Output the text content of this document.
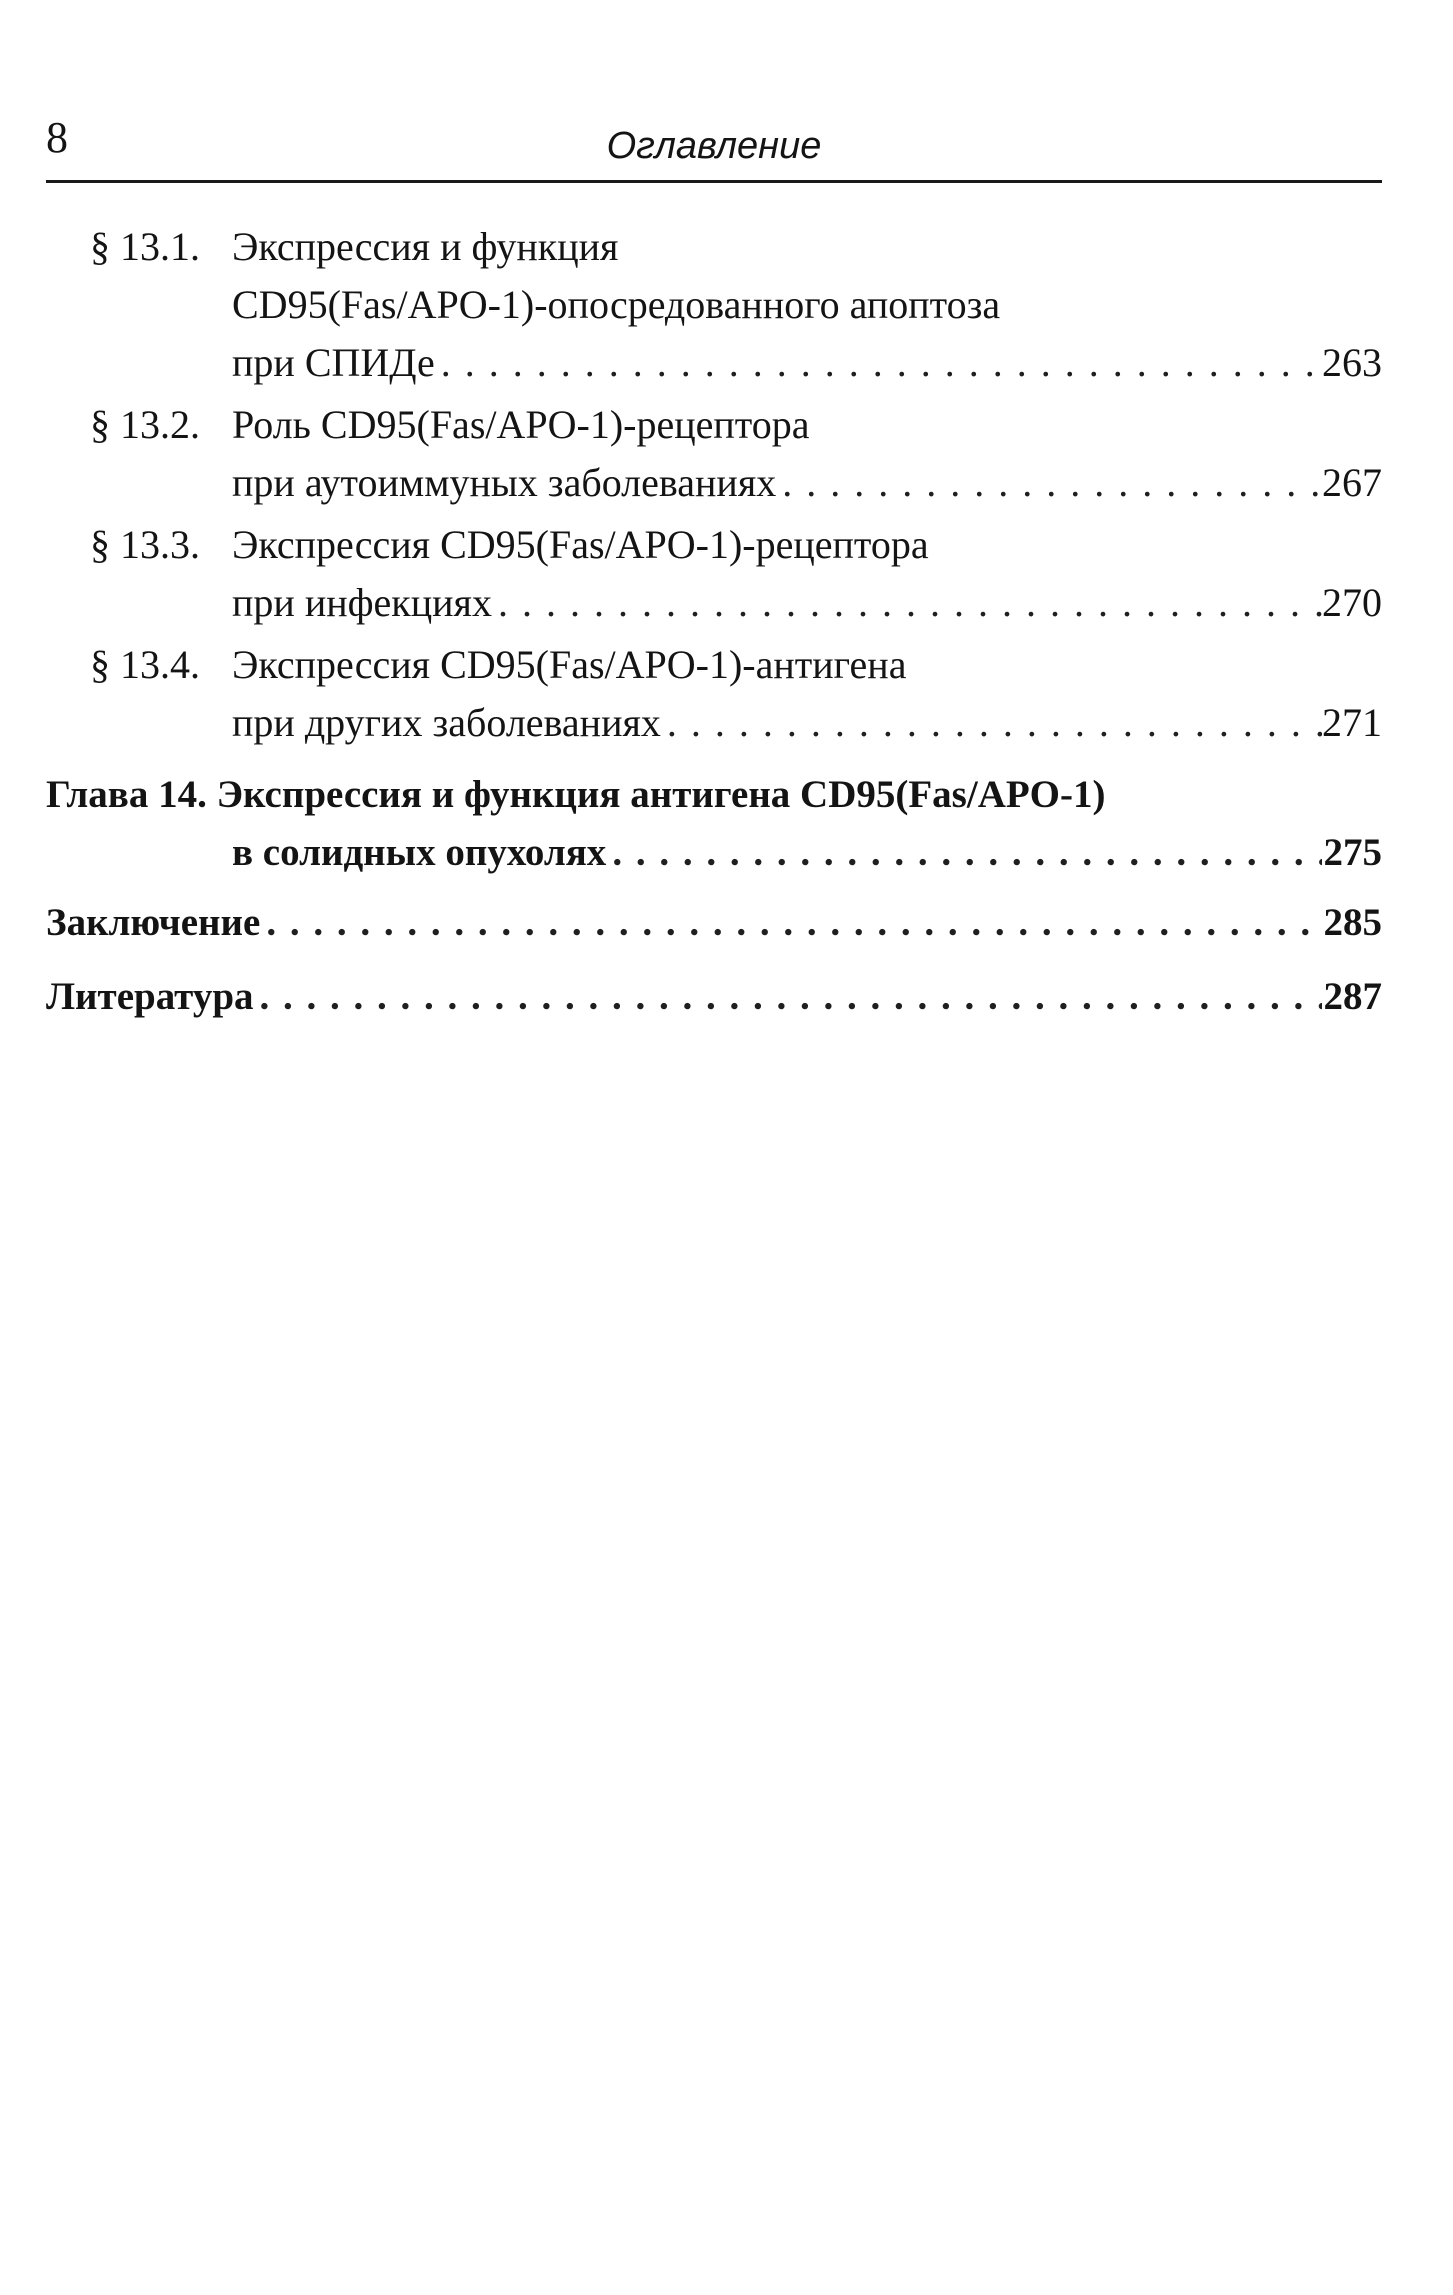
8	Оглавление
§ 13.1. Экспрессия и функция
CD95(Fas/APO-1)-опосредованного апоптоза
при СПИДе . . .	263
§ 13.2. Роль CD95(Fas/APO-1)-рецептора
при аутоиммуных заболеваниях . . .	267
§ 13.3. Экспрессия CD95(Fas/APO-1)-рецептора
при инфекциях . . .	270
§ 13.4. Экспрессия CD95(Fas/APO-1)-антигена
при других заболеваниях . . .	271
Глава 14. Экспрессия и функция антигена CD95(Fas/APO-1)
в солидных опухолях . . .	275
Заключение . . .	285
Литература . . .	287
